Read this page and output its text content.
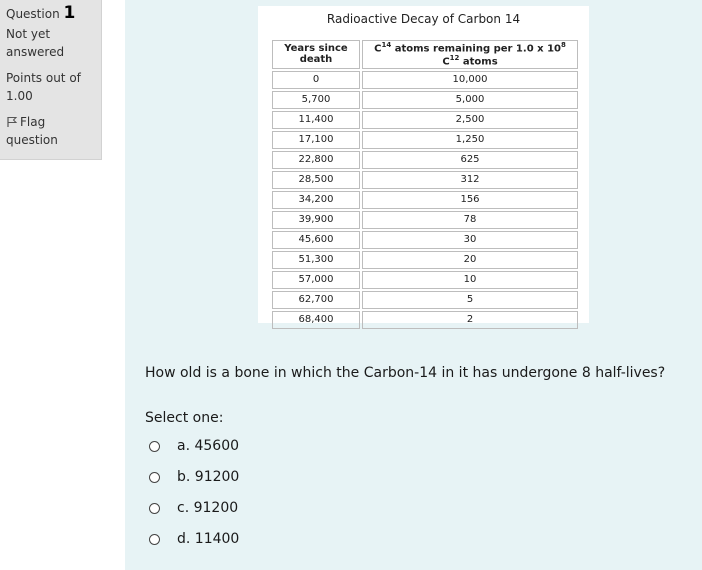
Question 1
Not yet answered
Points out of 1.00
Flag question
Radioactive Decay of Carbon 14
Years since death	$C^{14}$ atoms remaining per 1.0 x $10^8$ $C^{12}$ atoms
0	10,000
5,700	5,000
11,400	2,500
17,100	1,250
22,800	625
28,500	312
34,200	156
39,900	78
45,600	30
51,300	20
57,000	10
62,700	5
68,400	2
How old is a bone in which the Carbon-14 in it has undergone 8 half-lives?
Select one:
a. 45600
b. 91200
c. 91200
d. 11400
